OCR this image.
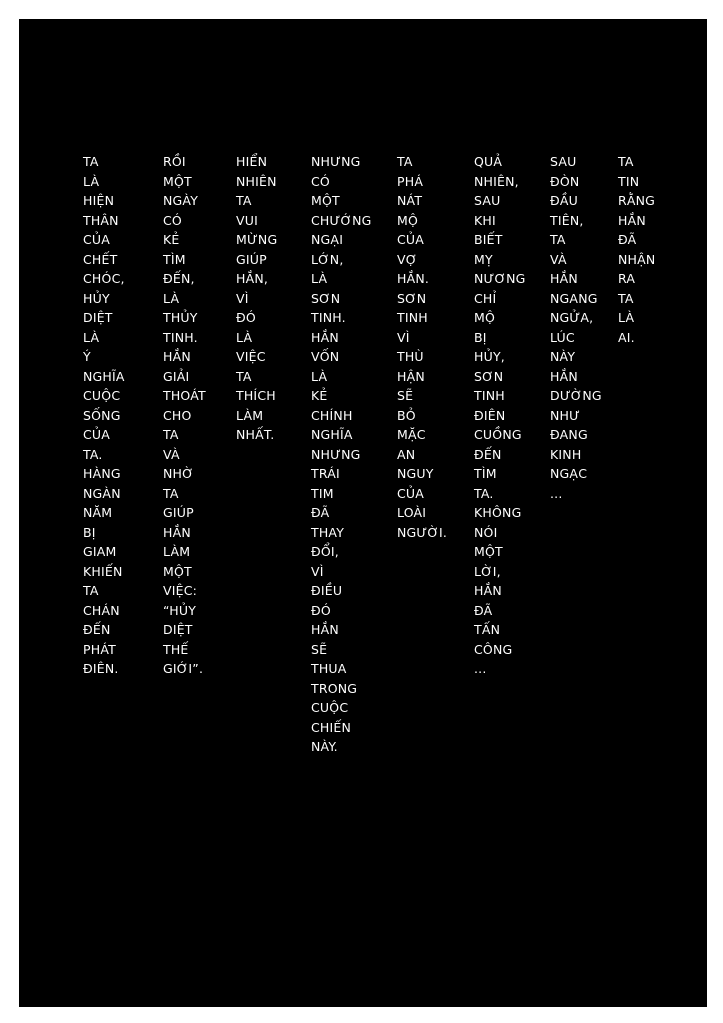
TA
LÀ
HIỆN
THÂN
CỦA
CHẾT
CHÓC,
HỦY
DIỆT
LÀ
Ý
NGHĨA
CUỘC
SỐNG
CỦA
TA.
HÀNG
NGÀN
NĂM
BỊ
GIAM
KHIẾN
TA
CHÁN
ĐẾN
PHÁT
ĐIÊN.
RỒI
MỘT
NGÀY
CÓ
KẺ
TÌM
ĐẾN,
LÀ
THỦY
TINH.
HẮN
GIẢI
THOÁT
CHO
TA
VÀ
NHỜ
TA
GIÚP
HẮN
LÀM
MỘT
VIỆC:
“HỦY
DIỆT
THẾ
GIỚI”.
HIỂN
NHIÊN
TA
VUI
MỪNG
GIÚP
HẮN,
VÌ
ĐÓ
LÀ
VIỆC
TA
THÍCH
LÀM
NHẤT.
NHƯNG
CÓ
MỘT
CHƯỚNG
NGẠI
LỚN,
LÀ
SƠN
TINH.
HẮN
VỐN
LÀ
KẺ
CHÍNH
NGHĨA
NHƯNG
TRÁI
TIM
ĐÃ
THAY
ĐỔI,
VÌ
ĐIỀU
ĐÓ
HẮN
SẼ
THUA
TRONG
CUỘC
CHIẾN
NÀY.
TA
PHÁ
NÁT
MỘ
CỦA
VỢ
HẮN.
SƠN
TINH
VÌ
THÙ
HẬN
SẼ
BỎ
MẶC
AN
NGUY
CỦA
LOÀI
NGƯỜI.
QUẢ
NHIÊN,
SAU
KHI
BIẾT
MỴ
NƯƠNG
CHỈ
MỘ
BỊ
HỦY,
SƠN
TINH
ĐIÊN
CUỒNG
ĐẾN
TÌM
TA.
KHÔNG
NÓI
MỘT
LỜI,
HẮN
ĐÃ
TẤN
CÔNG
...
SAU
ĐÒN
ĐẦU
TIÊN,
TA
VÀ
HẮN
NGANG
NGỬA,
LÚC
NÀY
HẮN
DƯỜNG
NHƯ
ĐANG
KINH
NGẠC
...
TA
TIN
RẰNG
HẮN
ĐÃ
NHẬN
RA
TA
LÀ
AI.
10
